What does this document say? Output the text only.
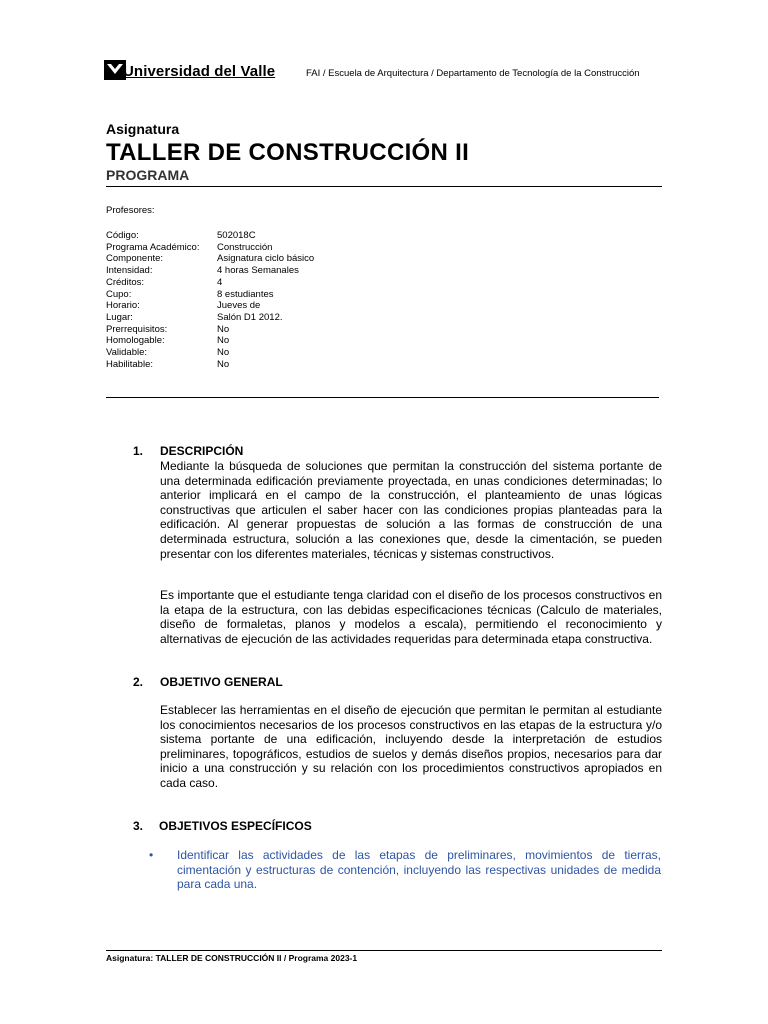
Universidad del Valle	FAI / Escuela de Arquitectura / Departamento de Tecnología de la Construcción
Asignatura
TALLER DE CONSTRUCCIÓN II
PROGRAMA
Profesores:
Código:	502018C
Programa Académico:	Construcción
Componente:	Asignatura ciclo básico
Intensidad:	4 horas Semanales
Créditos:	4
Cupo:	8 estudiantes
Horario:	Jueves de
Lugar:	Salón D1 2012.
Prerrequisitos:	No
Homologable:	No
Validable:	No
Habilitable:	No
1. DESCRIPCIÓN
Mediante la búsqueda de soluciones que permitan la construcción del sistema portante de una determinada edificación previamente proyectada, en unas condiciones determinadas; lo anterior implicará en el campo de la construcción, el planteamiento de unas lógicas constructivas que articulen el saber hacer con las condiciones propias planteadas para la edificación. Al generar propuestas de solución a las formas de construcción de una determinada estructura, solución a las conexiones que, desde la cimentación, se pueden presentar con los diferentes materiales, técnicas y sistemas constructivos.
Es importante que el estudiante tenga claridad con el diseño de los procesos constructivos en la etapa de la estructura, con las debidas especificaciones técnicas (Calculo de materiales, diseño de formaletas, planos y modelos a escala), permitiendo el reconocimiento y alternativas de ejecución de las actividades requeridas para determinada etapa constructiva.
2. OBJETIVO GENERAL
Establecer las herramientas en el diseño de ejecución que permitan le permitan al estudiante los conocimientos necesarios de los procesos constructivos en las etapas de la estructura y/o sistema portante de una edificación, incluyendo desde la interpretación de estudios preliminares, topográficos, estudios de suelos y demás diseños propios, necesarios para dar inicio a una construcción y su relación con los procedimientos constructivos apropiados en cada caso.
3. OBJETIVOS ESPECÍFICOS
• Identificar las actividades de las etapas de preliminares, movimientos de tierras, cimentación y estructuras de contención, incluyendo las respectivas unidades de medida para cada una.
Asignatura: TALLER DE CONSTRUCCIÓN II / Programa 2023-1
